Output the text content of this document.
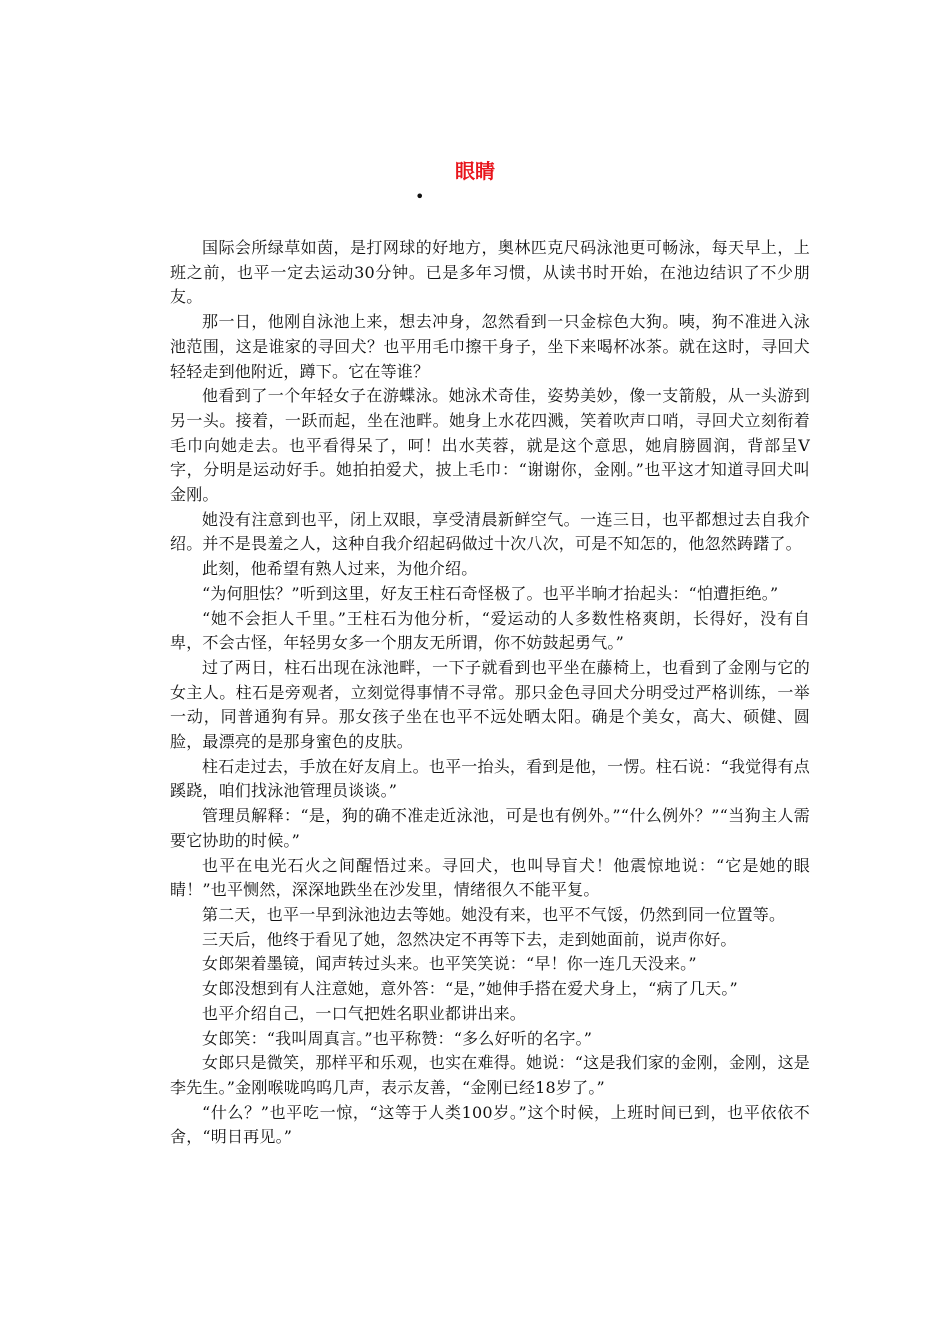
眼睛
•

国际会所绿草如茵，是打网球的好地方，奥林匹克尺码泳池更可畅泳，每天早上，上班之前，也平一定去运动30分钟。已是多年习惯，从读书时开始，在池边结识了不少朋友。

那一日，他刚自泳池上来，想去冲身，忽然看到一只金棕色大狗。咦，狗不准进入泳池范围，这是谁家的寻回犬？也平用毛巾擦干身子，坐下来喝杯冰茶。就在这时，寻回犬轻轻走到他附近，蹲下。它在等谁？

他看到了一个年轻女子在游蝶泳。她泳术奇佳，姿势美妙，像一支箭般，从一头游到另一头。接着，一跃而起，坐在池畔。她身上水花四溅，笑着吹声口哨，寻回犬立刻衔着毛巾向她走去。也平看得呆了，呵！出水芙蓉，就是这个意思，她肩膀圆润，背部呈V字，分明是运动好手。她拍拍爱犬，披上毛巾：“谢谢你，金刚。”也平这才知道寻回犬叫金刚。

她没有注意到也平，闭上双眼，享受清晨新鲜空气。一连三日，也平都想过去自我介绍。并不是畏羞之人，这种自我介绍起码做过十次八次，可是不知怎的，他忽然踌躇了。

此刻，他希望有熟人过来，为他介绍。

“为何胆怯？”听到这里，好友王柱石奇怪极了。也平半晌才抬起头：“怕遭拒绝。”

“她不会拒人千里。”王柱石为他分析，“爱运动的人多数性格爽朗，长得好，没有自卑，不会古怪，年轻男女多一个朋友无所谓，你不妨鼓起勇气。”

过了两日，柱石出现在泳池畔，一下子就看到也平坐在藤椅上，也看到了金刚与它的女主人。柱石是旁观者，立刻觉得事情不寻常。那只金色寻回犬分明受过严格训练，一举一动，同普通狗有异。那女孩子坐在也平不远处晒太阳。确是个美女，高大、硕健、圆脸，最漂亮的是那身蜜色的皮肤。

柱石走过去，手放在好友肩上。也平一抬头，看到是他，一愣。柱石说：“我觉得有点蹊跷，咱们找泳池管理员谈谈。”

管理员解释：“是，狗的确不准走近泳池，可是也有例外。”“什么例外？”“当狗主人需要它协助的时候。”

也平在电光石火之间醒悟过来。寻回犬，也叫导盲犬！他震惊地说：“它是她的眼睛！”也平恻然，深深地跌坐在沙发里，情绪很久不能平复。

第二天，也平一早到泳池边去等她。她没有来，也平不气馁，仍然到同一位置等。

三天后，他终于看见了她，忽然决定不再等下去，走到她面前，说声你好。

女郎架着墨镜，闻声转过头来。也平笑笑说：“早！你一连几天没来。”

女郎没想到有人注意她，意外答：“是，”她伸手搭在爱犬身上，“病了几天。”

也平介绍自己，一口气把姓名职业都讲出来。

女郎笑：“我叫周真言。”也平称赞：“多么好听的名字。”

女郎只是微笑，那样平和乐观，也实在难得。她说：“这是我们家的金刚，金刚，这是李先生。”金刚喉咙呜呜几声，表示友善，“金刚已经18岁了。”

“什么？”也平吃一惊，“这等于人类100岁。”这个时候，上班时间已到，也平依依不舍，“明日再见。”
